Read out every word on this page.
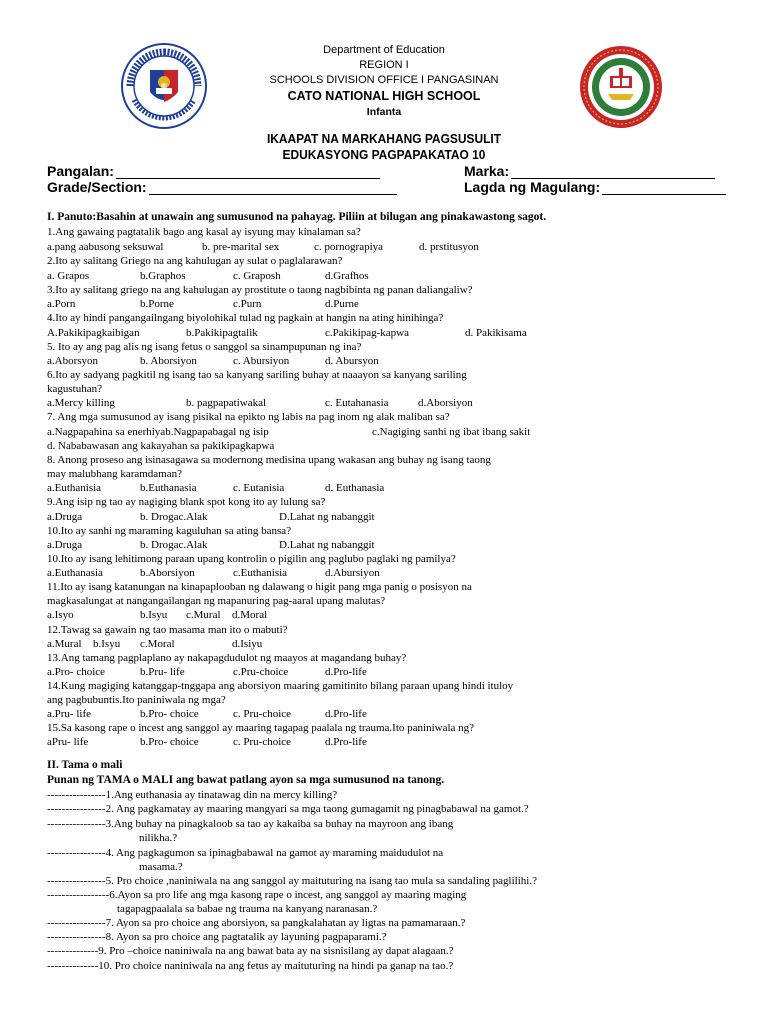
Department of Education
REGION I
SCHOOLS DIVISION OFFICE I PANGASINAN
CATO NATIONAL HIGH SCHOOL
Infanta
IKAAPAT NA MARKAHANG PAGSUSULIT
EDUKASYONG PAGPAPAKATAO 10
Pangalan:	Marka:
Grade/Section:	Lagda ng Magulang:
I. Panuto:Basahin at unawain ang sumusunod na pahayag. Piliin at bilugan ang pinakawastong sagot.
1.Ang gawaing pagtatalik bago ang kasal ay isyung may kinalaman sa?
a.pang aabusong seksuwal	b. pre-marital sex	c. pornograpiya	d. prstitusyon
2.Ito ay salitang Griego na ang kahulugan ay sulat o paglalarawan?
a. Grapos	b.Graphos	c. Graposh	d.Grafhos
3.Ito ay salitang griego na ang kahulugan ay prostitute o taong nagbibinta ng panan daliangaliw?
a.Porn	b.Porne	c.Purn	d.Purne
4.Ito ay hindi pangangailngang biyolohikal tulad ng pagkain at hangin na ating hinihinga?
A.Pakikipagkaibigan	b.Pakikipagtalik	c.Pakikipag-kapwa	d. Pakikisama
5. Ito ay ang pag alis ng isang fetus o sanggol sa sinampupunan ng ina?
a.Aborsyon	b. Aborsiyon	c. Abursiyon	d. Abursyon
6.Ito ay sadyang pagkitil ng isang tao sa kanyang sariling buhay at naaayon sa kanyang sariling
kagustuhan?
a.Mercy killing	b. pagpapatiwakal	c. Eutahanasia	d.Aborsiyon
7. Ang mga sumusunod ay isang pisikal na epikto ng labis na pag inom ng alak maliban sa?
a.Nagpapahina sa enerhiyab.Nagpapabagal ng isip	c.Nagiging sanhi ng ibat ibang sakit
d. Nababawasan ang kakayahan sa pakikipagkapwa
8. Anong proseso ang isinasagawa sa modernong medisina upang wakasan ang buhay ng isang taong
may malubhang karamdaman?
a.Euthanisia	b.Euthanasia	c. Eutanisia	d. Euthanasia
9.Ang isip ng tao ay nagiging blank spot kong ito ay lulung sa?
a.Druga	b. Drogac.Alak	D.Lahat ng nabanggit
10.Ito ay sanhi ng maraming kaguluhan sa ating bansa?
a.Druga	b. Drogac.Alak	D.Lahat ng nabanggit
10.Ito ay isang lehitimong paraan upang kontrolin o pigilin ang paglubo paglaki ng pamilya?
a.Euthanasia	b.Aborsiyon	c.Euthanisia	d.Abursiyon
11.Ito ay isang katanungan na kinapaplooban ng dalawang o higit pang mga panig o posisyon na
magkasalungat at nangangailangan ng mapanuring pag-aaral upang malutas?
a.Isyo	b.Isyu c.Mural d.Moral
12.Tawag sa gawain ng tao masama man ito o mabuti?
a.Mural b.Isyu c.Moral	d.Isiyu
13.Ang tamang pagplaplano ay nakapagdudulot ng maayos at magandang buhay?
a.Pro- choice	b.Pru- life	c.Pru-choice	d.Pro-life
14.Kung magiging katanggap-tnggapa ang aborsiyon maaring gamitinito bilang paraan upang hindi ituloy
ang pagbubuntis.Ito paniniwala ng mga?
a.Pru- life	b.Pro- choice	c. Pru-choice	d.Pro-life
15.Sa kasong rape o incest ang sanggol ay maaring tagapag paalala ng trauma.Ito paniniwala ng?
aPru- life	b.Pro- choice	c. Pru-choice	d.Pro-life
II. Tama o mali
Punan ng TAMA o MALI ang bawat patlang ayon sa mga sumusunod na tanong.
----------------1.Ang euthanasia ay tinatawag din na mercy killing?
----------------2. Ang pagkamatay ay maaring mangyari sa mga taong gumagamit ng pinagbabawal na gamot.?
----------------3.Ang buhay na pinagkaloob sa tao ay kakaiba sa buhay na mayroon ang ibang
nilikha.?
----------------4. Ang pagkagumon sa ipinagbabawal na gamot ay maraming maidudulot na
masama.?
----------------5. Pro choice ,naniniwala na ang sanggol ay maituturing na isang tao mula sa sandaling paglilihi.?
-----------------6.Ayon sa pro life ang mga kasong rape o incest, ang sanggol ay maaring maging
tagapagpaalala sa babae ng trauma na kanyang naranasan.?
----------------7. Ayon sa pro choice ang aborsiyon, sa pangkalahatan ay ligtas na pamamaraan.?
----------------8. Ayon sa pro choice ang pagtatalik ay layuning pagpaparami.?
--------------9. Pro –choice naniniwala na ang bawat bata ay na sisnisilang ay dapat alagaan.?
--------------10. Pro choice naniniwala na ang fetus ay maituturing na hindi pa ganap na tao.?
